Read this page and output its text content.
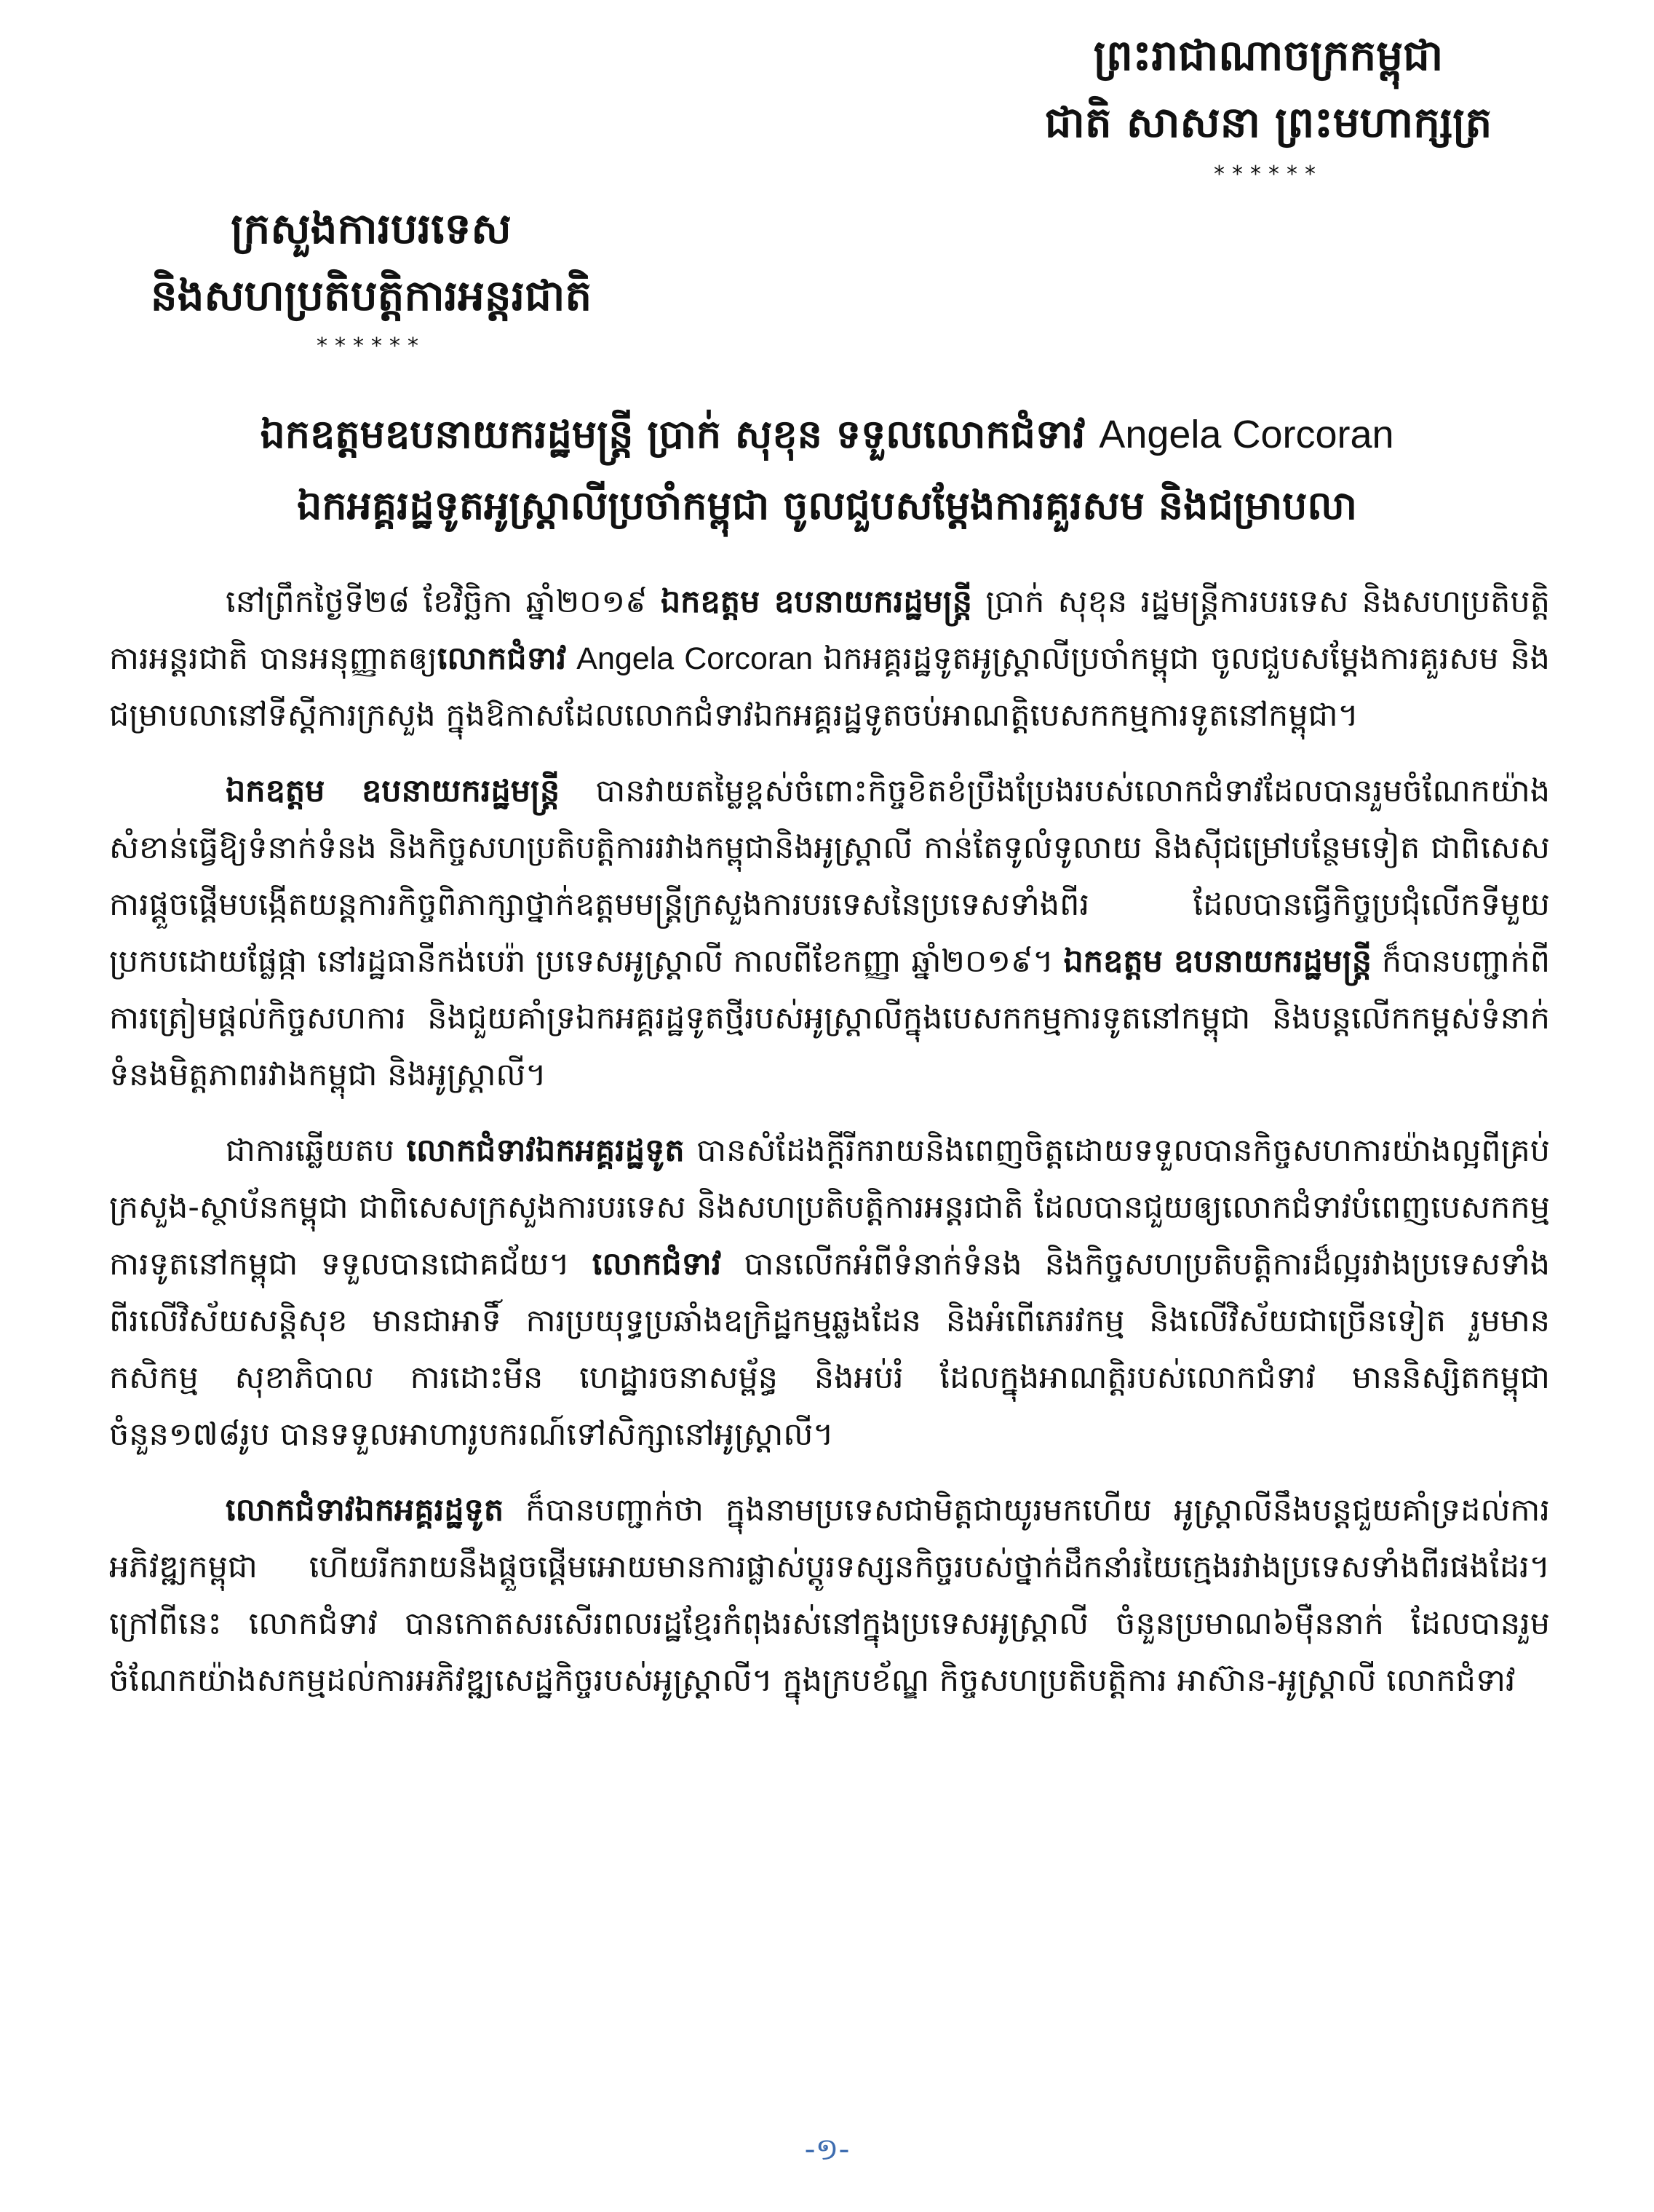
ព្រះរាជាណាចក្រកម្ពុជា
ជាតិ សាសនា ព្រះមហាក្សត្រ
******
ក្រសួងការបរទេស
និងសហប្រតិបត្តិការអន្តរជាតិ
******
ឯកឧត្តមឧបនាយករដ្ឋមន្ត្រី ប្រាក់ សុខុន ទទួលលោកជំទាវ Angela Corcoran
ឯកអគ្គរដ្ឋទូតអូស្រ្តាលីប្រចាំកម្ពុជា ចូលជួបសម្តែងការគួរសម និងជម្រាបលា

នៅព្រឹកថ្ងៃទី២៨ ខែវិច្ឆិកា ឆ្នាំ២០១៩ ឯកឧត្តម ឧបនាយករដ្ឋមន្ត្រី ប្រាក់ សុខុន រដ្ឋមន្ត្រីការបរទេស និងសហប្រតិបត្តិការអន្តរជាតិ បានអនុញ្ញាតឲ្យលោកជំទាវ Angela Corcoran ឯកអគ្គរដ្ឋទូតអូស្រ្តាលីប្រចាំកម្ពុជា ចូលជួបសម្តែងការគួរសម និងជម្រាបលានៅទីស្តីការក្រសួង ក្នុងឱកាសដែលលោកជំទាវឯកអគ្គរដ្ឋទូតចប់អាណត្តិបេសកកម្មការទូតនៅកម្ពុជា។

ឯកឧត្តម ឧបនាយករដ្ឋមន្ត្រី បានវាយតម្លៃខ្ពស់ចំពោះកិច្ចខិតខំប្រឹងប្រែងរបស់លោកជំទាវដែលបានរួមចំណែកយ៉ាងសំខាន់ធ្វើឱ្យទំនាក់ទំនង និងកិច្ចសហប្រតិបត្តិការរវាងកម្ពុជានិងអូស្រ្តាលី កាន់តែទូលំទូលាយ និងស៊ីជម្រៅបន្ថែមទៀត ជាពិសេស ការផ្តួចផ្តើមបង្កើតយន្តការកិច្ចពិភាក្សាថ្នាក់ឧត្តមមន្ត្រីក្រសួងការបរទេសនៃប្រទេសទាំងពីរ ដែលបានធ្វើកិច្ចប្រជុំលើកទីមួយប្រកបដោយផ្លែផ្កា នៅរដ្ឋធានីកង់បេរ៉ា ប្រទេសអូស្រ្តាលី កាលពីខែកញ្ញា ឆ្នាំ២០១៩។ ឯកឧត្តម ឧបនាយករដ្ឋមន្ត្រី ក៏បានបញ្ជាក់ពីការត្រៀមផ្តល់កិច្ចសហការ និងជួយគាំទ្រឯកអគ្គរដ្ឋទូតថ្មីរបស់អូស្រ្តាលីក្នុងបេសកកម្មការទូតនៅកម្ពុជា និងបន្តលើកកម្ពស់ទំនាក់ទំនងមិត្តភាពរវាងកម្ពុជា និងអូស្រ្តាលី។

ជាការឆ្លើយតប លោកជំទាវឯកអគ្គរដ្ឋទូត បានសំដែងក្តីរីករាយនិងពេញចិត្តដោយទទួលបានកិច្ចសហការយ៉ាងល្អពីគ្រប់ក្រសួង-ស្ថាប័នកម្ពុជា ជាពិសេសក្រសួងការបរទេស និងសហប្រតិបត្តិការអន្តរជាតិ ដែលបានជួយឲ្យលោកជំទាវបំពេញបេសកកម្មការទូតនៅកម្ពុជា ទទួលបានជោគជ័យ។ លោកជំទាវ បានលើកអំពីទំនាក់ទំនង និងកិច្ចសហប្រតិបត្តិការដ៏ល្អរវាងប្រទេសទាំងពីរលើវិស័យសន្តិសុខ មានជាអាទិ៍ ការប្រយុទ្ធប្រឆាំងឧក្រិដ្ឋកម្មឆ្លងដែន និងអំពើភេរវកម្ម និងលើវិស័យជាច្រើនទៀត រួមមាន កសិកម្ម សុខាភិបាល ការដោះមីន ហេដ្ឋារចនាសម្ព័ន្ធ និងអប់រំ ដែលក្នុងអាណត្តិរបស់លោកជំទាវ មាននិស្សិតកម្ពុជាចំនួន១៧៨រូប បានទទួលអាហារូបករណ៍ទៅសិក្សានៅអូស្រ្តាលី។

លោកជំទាវឯកអគ្គរដ្ឋទូត ក៏បានបញ្ជាក់ថា ក្នុងនាមប្រទេសជាមិត្តជាយូរមកហើយ អូស្រ្តាលីនឹងបន្តជួយគាំទ្រដល់ការអភិវឌ្ឍកម្ពុជា ហើយរីករាយនឹងផ្តួចផ្តើមអោយមានការផ្លាស់ប្តូរទស្សនកិច្ចរបស់ថ្នាក់ដឹកនាំរយៃក្មេងរវាងប្រទេសទាំងពីរផងដែរ។ ក្រៅពីនេះ លោកជំទាវ បានកោតសរសើរពលរដ្ឋខ្មែរកំពុងរស់នៅក្នុងប្រទេសអូស្រ្តាលី ចំនួនប្រមាណ៦ម៉ឺននាក់ ដែលបានរួមចំណែកយ៉ាងសកម្មដល់ការអភិវឌ្ឍសេដ្ឋកិច្ចរបស់អូស្រ្តាលី។ ក្នុងក្របខ័ណ្ឌ កិច្ចសហប្រតិបត្តិការ អាស៊ាន-អូស្រ្តាលី លោកជំទាវ

-១-
